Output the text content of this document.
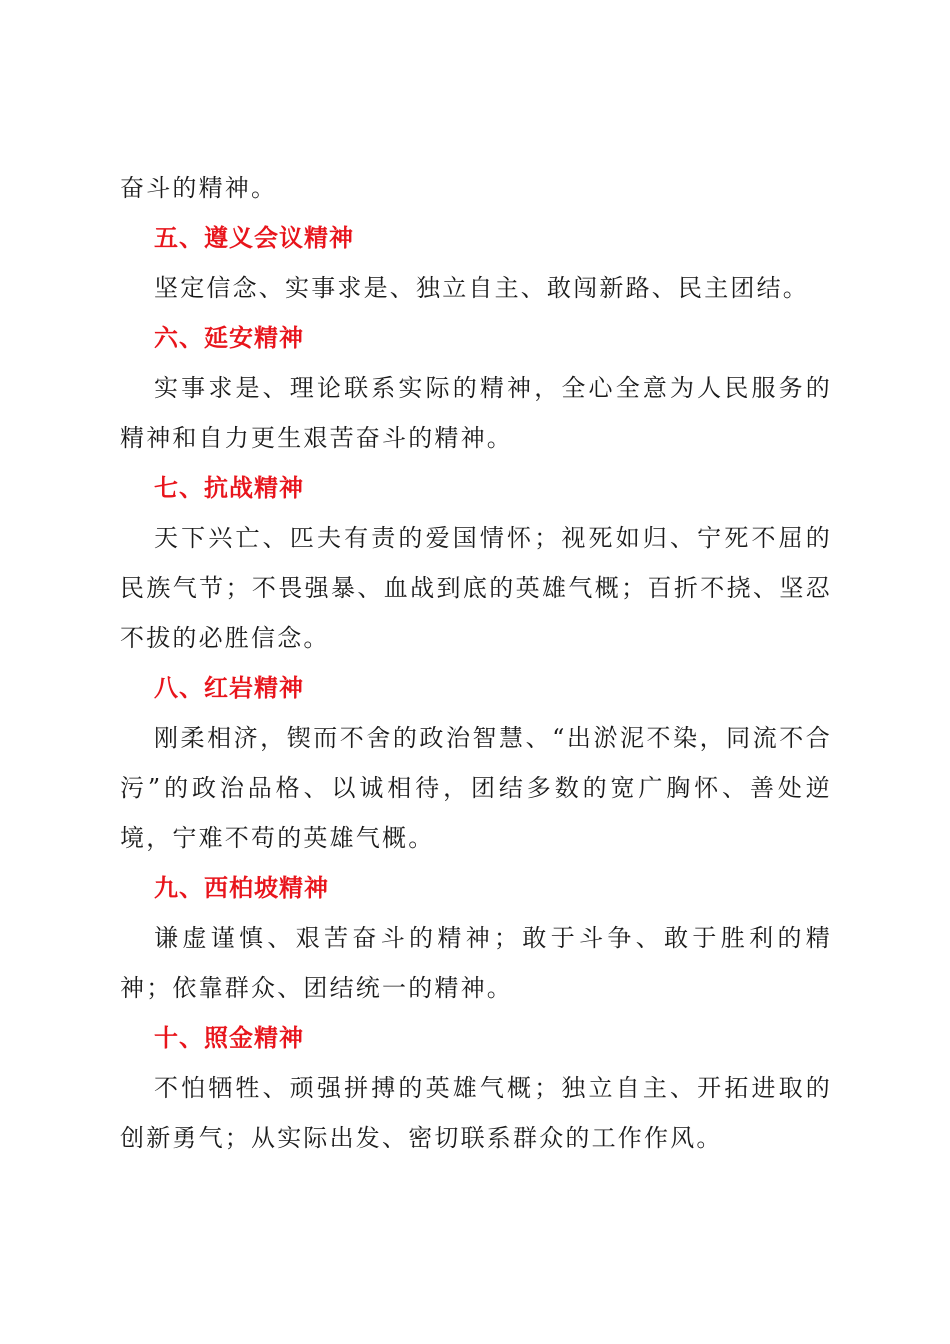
奋斗的精神。

五、遵义会议精神

坚定信念、实事求是、独立自主、敢闯新路、民主团结。

六、延安精神

实事求是、理论联系实际的精神，全心全意为人民服务的精神和自力更生艰苦奋斗的精神。

七、抗战精神

天下兴亡、匹夫有责的爱国情怀；视死如归、宁死不屈的民族气节；不畏强暴、血战到底的英雄气概；百折不挠、坚忍不拔的必胜信念。

八、红岩精神

刚柔相济，锲而不舍的政治智慧、“出淤泥不染，同流不合污”的政治品格、以诚相待，团结多数的宽广胸怀、善处逆境，宁难不苟的英雄气概。

九、西柏坡精神

谦虚谨慎、艰苦奋斗的精神；敢于斗争、敢于胜利的精神；依靠群众、团结统一的精神。

十、照金精神

不怕牺牲、顽强拼搏的英雄气概；独立自主、开拓进取的创新勇气；从实际出发、密切联系群众的工作作风。
